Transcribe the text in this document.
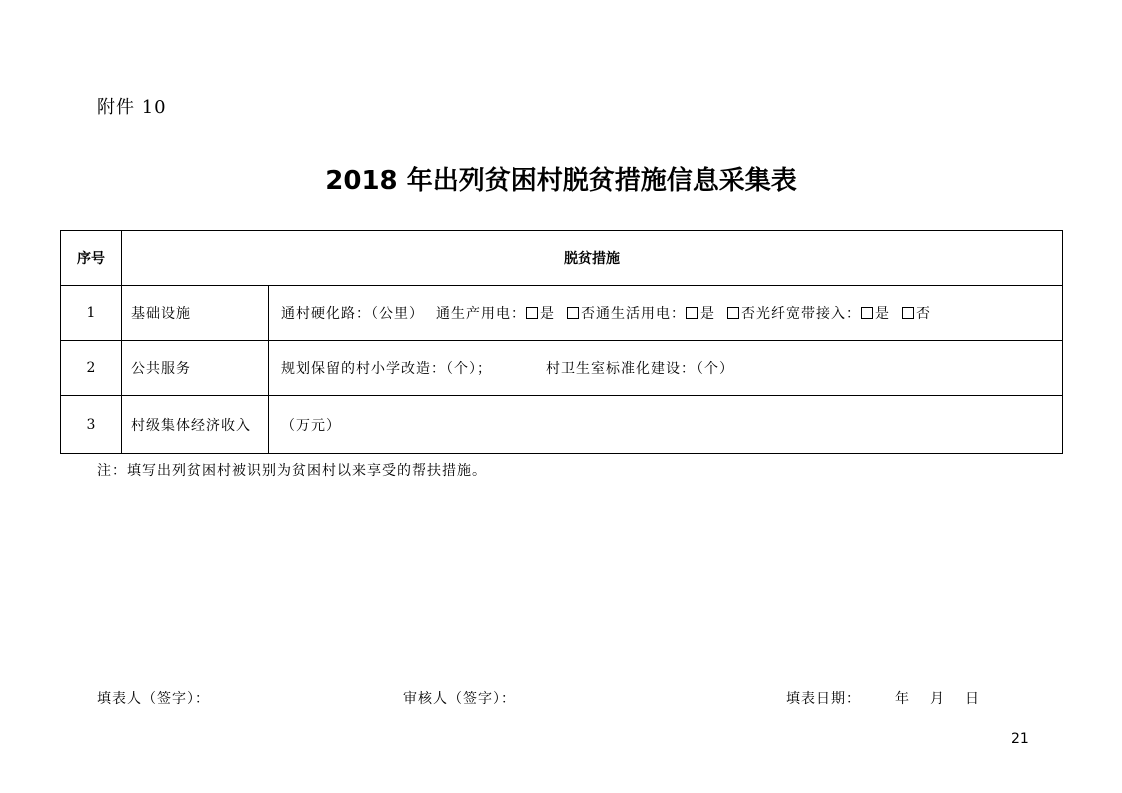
附件 10
2018 年出列贫困村脱贫措施信息采集表
序号	脱贫措施	
1	基础设施	通村硬化路：（公里） 通生产用电： 是 否通生活用电： 是 否光纤宽带接入： 是 否
2	公共服务	规划保留的村小学改造：（个）； 村卫生室标准化建设：（个）
3	村级集体经济收入	（万元）
注：填写出列贫困村被识别为贫困村以来享受的帮扶措施。
填表人（签字）：	审核人（签字）：	填表日期： 年 月 日
21
